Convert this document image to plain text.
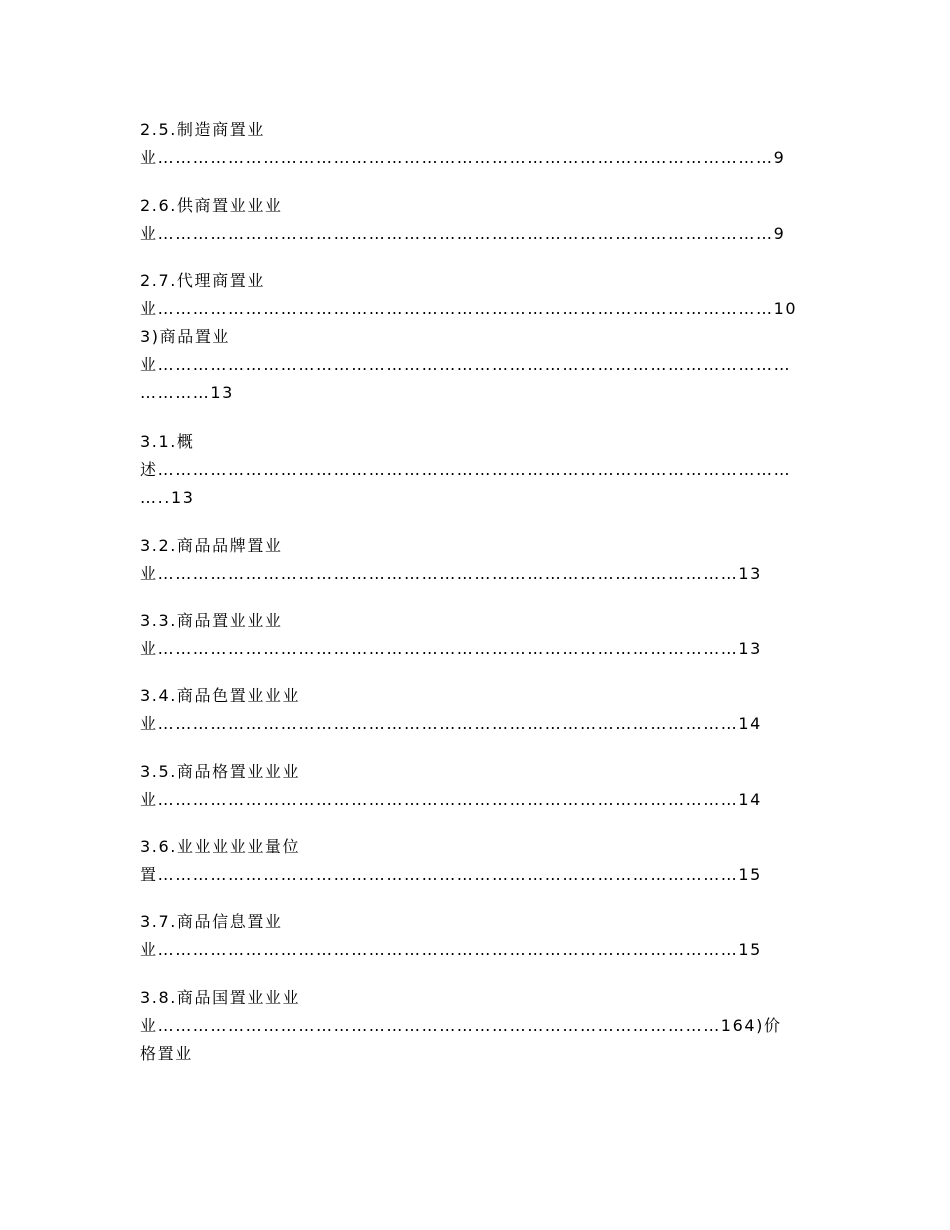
2.5.制造商置业
业……………………………………………………………………………………………9
2.6.供商置业业业
业……………………………………………………………………………………………9
2.7.代理商置业
业……………………………………………………………………………………………10
3)商品置业
业………………………………………………………………………………………………
…………13
3.1.概
述………………………………………………………………………………………………
…..13
3.2.商品品牌置业
业………………………………………………………………………………………13
3.3.商品置业业业
业………………………………………………………………………………………13
3.4.商品色置业业业
业………………………………………………………………………………………14
3.5.商品格置业业业
业………………………………………………………………………………………14
3.6.业业业业业量位
置………………………………………………………………………………………15
3.7.商品信息置业
业………………………………………………………………………………………15
3.8.商品国置业业业
业……………………………………………………………………………………164)价
格置业
